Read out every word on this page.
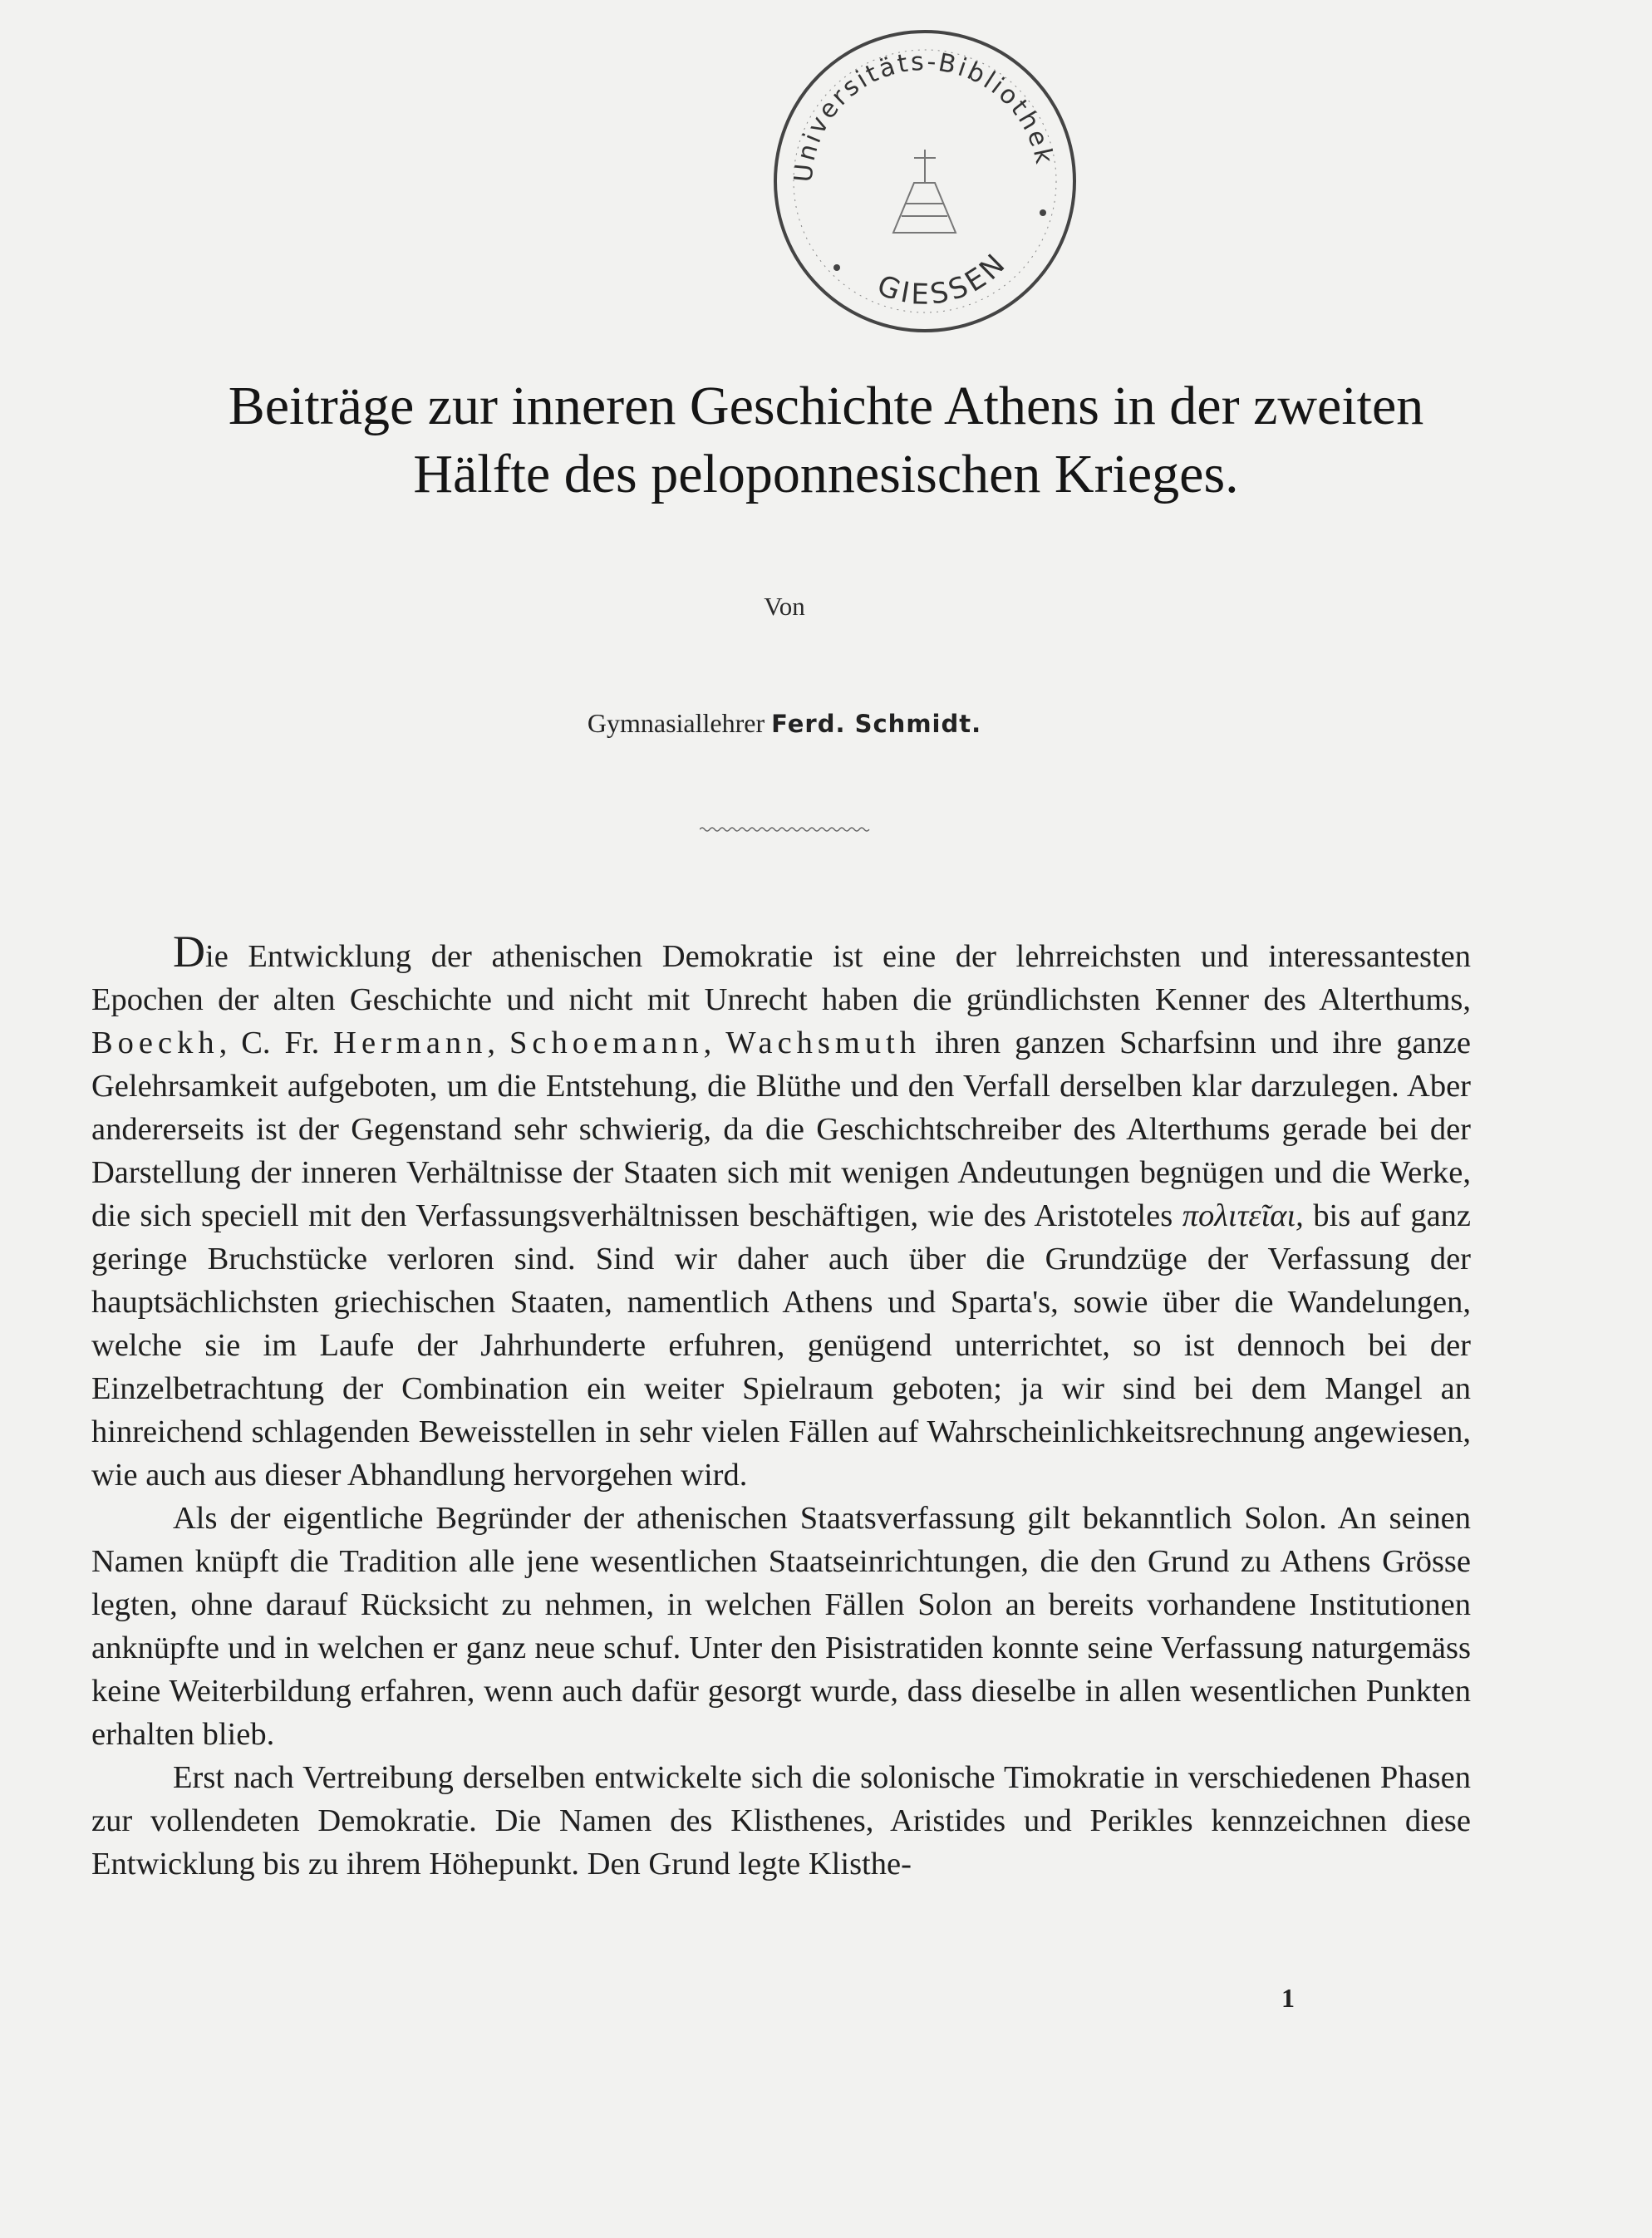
Universitäts-Bibliothek
GIESSEN
Beiträge zur inneren Geschichte Athens in der zweiten
Hälfte des peloponnesischen Krieges.
Von
Gymnasiallehrer Ferd. Schmidt.

Die Entwicklung der athenischen Demokratie ist eine der lehrreichsten und interessantesten Epochen der alten Geschichte und nicht mit Unrecht haben die gründlichsten Kenner des Alterthums, Boeckh, C. Fr. Hermann, Schoemann, Wachsmuth ihren ganzen Scharfsinn und ihre ganze Gelehrsamkeit aufgeboten, um die Entstehung, die Blüthe und den Verfall derselben klar darzulegen. Aber andererseits ist der Gegenstand sehr schwierig, da die Geschichtschreiber des Alterthums gerade bei der Darstellung der inneren Verhältnisse der Staaten sich mit wenigen Andeutungen begnügen und die Werke, die sich speciell mit den Verfassungsverhältnissen beschäftigen, wie des Aristoteles πολιτεῖαι, bis auf ganz geringe Bruchstücke verloren sind. Sind wir daher auch über die Grundzüge der Verfassung der hauptsächlichsten griechischen Staaten, namentlich Athens und Sparta's, sowie über die Wandelungen, welche sie im Laufe der Jahrhunderte erfuhren, genügend unterrichtet, so ist dennoch bei der Einzelbetrachtung der Combination ein weiter Spielraum geboten; ja wir sind bei dem Mangel an hinreichend schlagenden Beweisstellen in sehr vielen Fällen auf Wahrscheinlichkeitsrechnung angewiesen, wie auch aus dieser Abhandlung hervorgehen wird.

Als der eigentliche Begründer der athenischen Staatsverfassung gilt bekanntlich Solon. An seinen Namen knüpft die Tradition alle jene wesentlichen Staatseinrichtungen, die den Grund zu Athens Grösse legten, ohne darauf Rücksicht zu nehmen, in welchen Fällen Solon an bereits vorhandene Institutionen anknüpfte und in welchen er ganz neue schuf. Unter den Pisistratiden konnte seine Verfassung naturgemäss keine Weiterbildung erfahren, wenn auch dafür gesorgt wurde, dass dieselbe in allen wesentlichen Punkten erhalten blieb.

Erst nach Vertreibung derselben entwickelte sich die solonische Timokratie in verschiedenen Phasen zur vollendeten Demokratie. Die Namen des Klisthenes, Aristides und Perikles kennzeichnen diese Entwicklung bis zu ihrem Höhepunkt. Den Grund legte Klisthe-

1
